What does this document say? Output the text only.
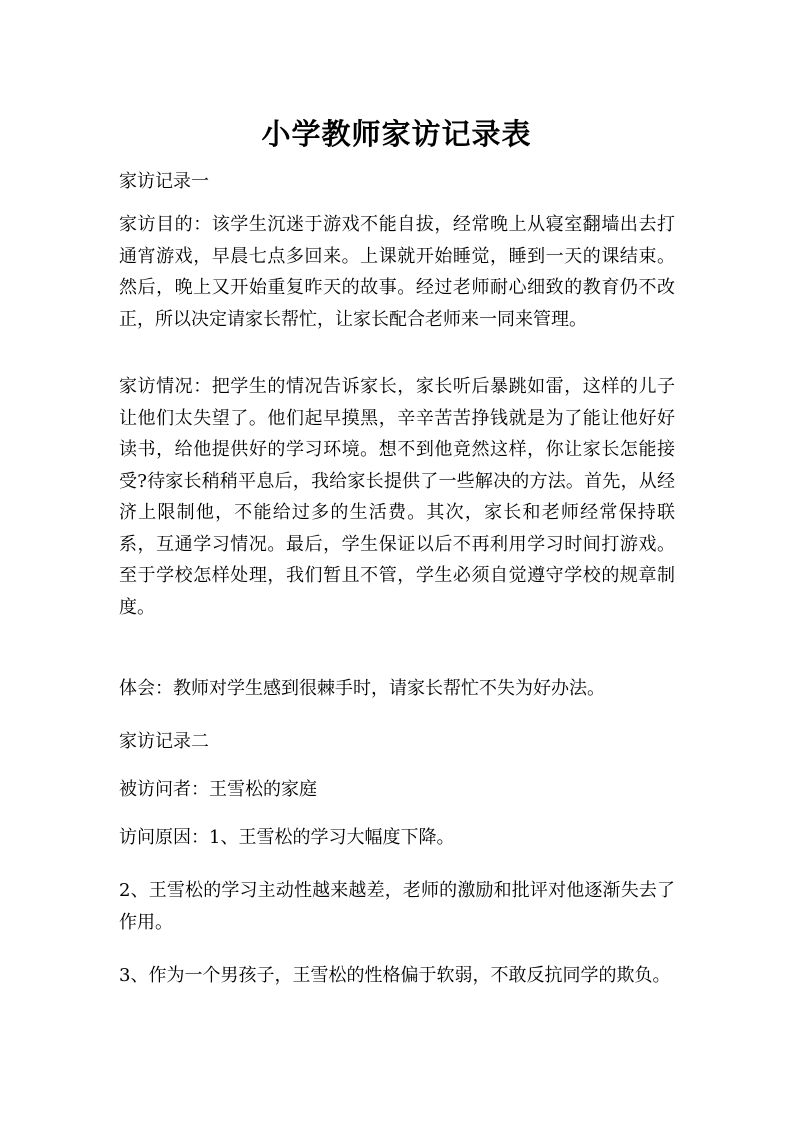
小学教师家访记录表

家访记录一

家访目的：该学生沉迷于游戏不能自拔，经常晚上从寝室翻墙出去打通宵游戏，早晨七点多回来。上课就开始睡觉，睡到一天的课结束。然后，晚上又开始重复昨天的故事。经过老师耐心细致的教育仍不改正，所以决定请家长帮忙，让家长配合老师来一同来管理。

家访情况：把学生的情况告诉家长，家长听后暴跳如雷，这样的儿子让他们太失望了。他们起早摸黑，辛辛苦苦挣钱就是为了能让他好好读书，给他提供好的学习环境。想不到他竟然这样，你让家长怎能接受?待家长稍稍平息后，我给家长提供了一些解决的方法。首先，从经济上限制他，不能给过多的生活费。其次，家长和老师经常保持联系，互通学习情况。最后，学生保证以后不再利用学习时间打游戏。至于学校怎样处理，我们暂且不管，学生必须自觉遵守学校的规章制度。

体会：教师对学生感到很棘手时，请家长帮忙不失为好办法。

家访记录二

被访问者：王雪松的家庭

访问原因：1、王雪松的学习大幅度下降。

2、王雪松的学习主动性越来越差，老师的激励和批评对他逐渐失去了作用。

3、作为一个男孩子，王雪松的性格偏于软弱，不敢反抗同学的欺负。
